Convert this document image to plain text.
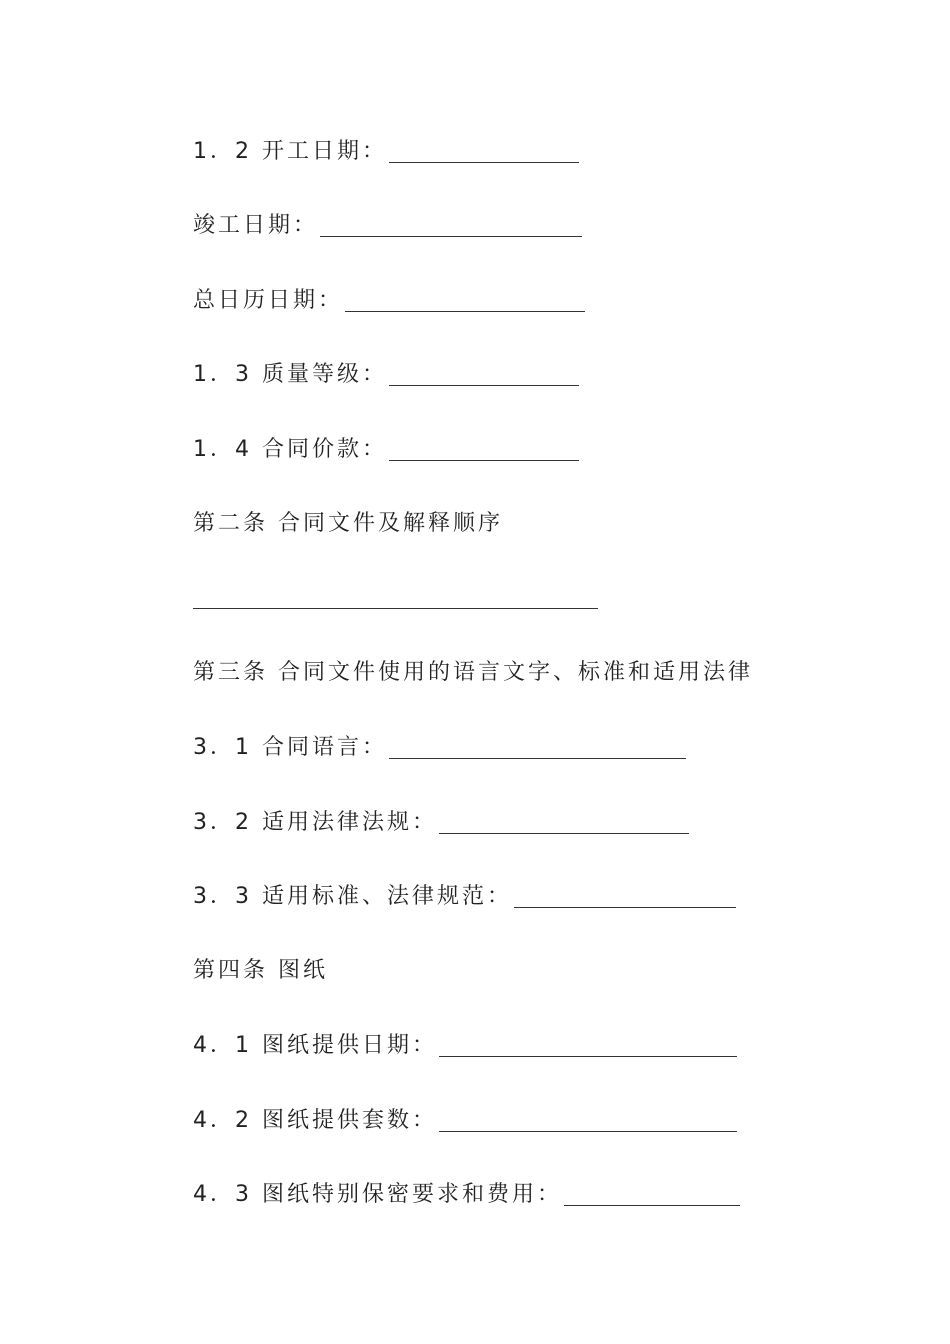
1．2 开工日期：
竣工日期：
总日历日期：
1．3 质量等级：
1．4 合同价款：
第二条 合同文件及解释顺序
第三条 合同文件使用的语言文字、标准和适用法律
3．1 合同语言：
3．2 适用法律法规：
3．3 适用标准、法律规范：
第四条 图纸
4．1 图纸提供日期：
4．2 图纸提供套数：
4．3 图纸特别保密要求和费用：
